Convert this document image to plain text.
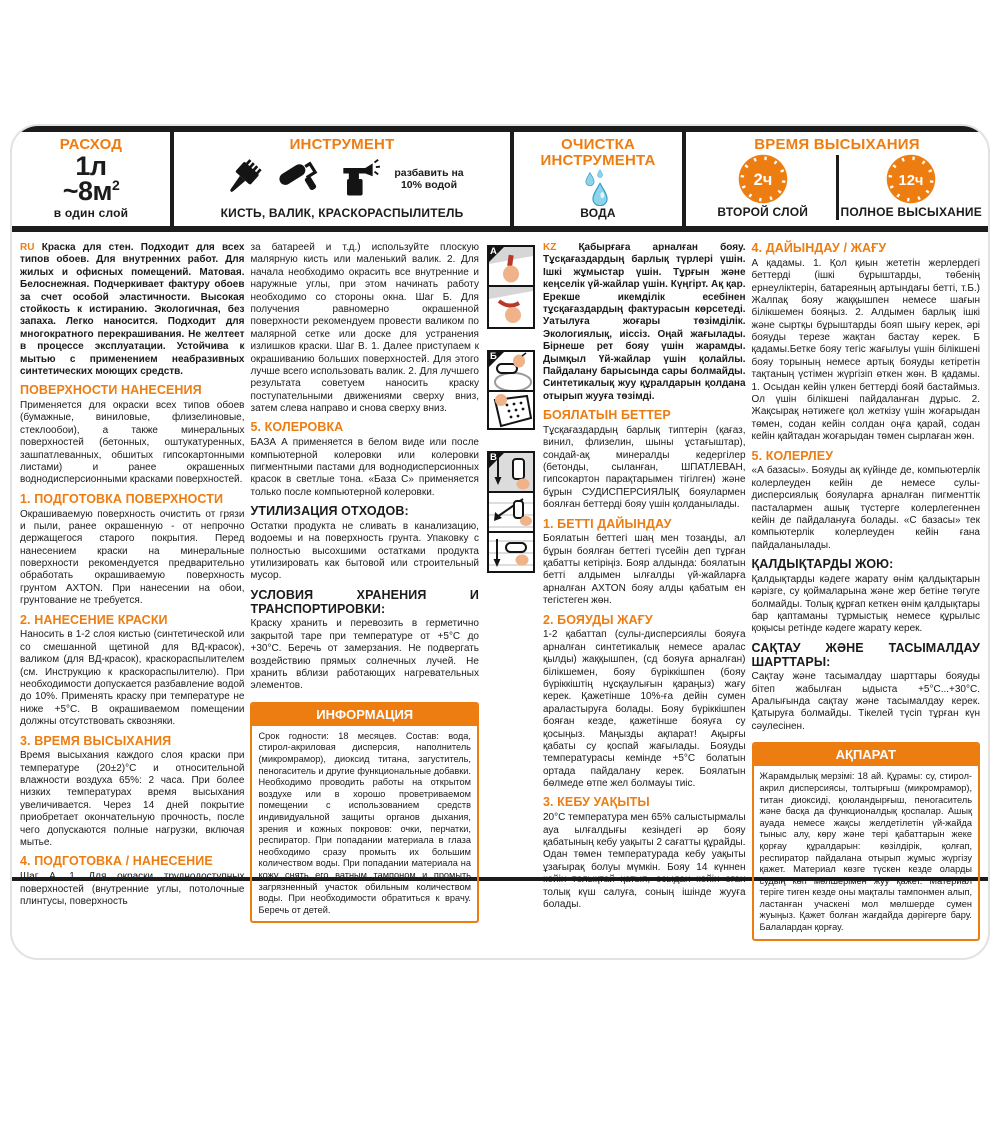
РАСХОД
1л
$\sim 8м^2$
в один слой
ИНСТРУМЕНТ
разбавить на
10% водой
КИСТЬ, ВАЛИК, КРАСКОРАСПЫЛИТЕЛЬ
ОЧИСТКА
ИНСТРУМЕНТА
ВОДА
ВРЕМЯ ВЫСЫХАНИЯ
2ч
ВТОРОЙ СЛОЙ
12ч
ПОЛНОЕ ВЫСЫХАНИЕ

RU Краска для стен. Подходит для всех типов обоев. Для внутренних работ. Для жилых и офисных помещений. Матовая. Белоснежная. Подчеркивает фактуру обоев за счет особой эластичности. Высокая стойкость к истиранию. Экологичная, без запаха. Легко наносится. Подходит для многократного перекрашивания. Не желтеет в процессе эксплуатации. Устойчива к мытью с применением неабразивных синтетических моющих средств.

ПОВЕРХНОСТИ НАНЕСЕНИЯ

Применяется для окраски всех типов обоев (бумажные, виниловые, флизелиновые, стеклообои), а также минеральных поверхностей (бетонных, оштукатуренных, зашпатлеванных, обшитых гипсокартонными листами) и ранее окрашенных воднодисперсионными красками поверхностей.

1. ПОДГОТОВКА ПОВЕРХНОСТИ

Окрашиваемую поверхность очистить от грязи и пыли, ранее окрашенную - от непрочно держащегося старого покрытия. Перед нанесением краски на минеральные поверхности рекомендуется предварительно обработать окрашиваемую поверхность грунтом AXTON. При нанесении на обои, грунтование не требуется.

2. НАНЕСЕНИЕ КРАСКИ

Наносить в 1-2 слоя кистью (синтетической или со смешанной щетиной для ВД-красок), валиком (для ВД-красок), краскораспылителем (см. Инструкцию к краскораспылителю). При необходимости допускается разбавление водой до 10%. Применять краску при температуре не ниже +5°С. В окрашиваемом помещении должны отсутствовать сквозняки.

3. ВРЕМЯ ВЫСЫХАНИЯ

Время высыхания каждого слоя краски при температуре (20±2)°С и относительной влажности воздуха 65%: 2 часа. При более низких температурах время высыхания увеличивается. Через 14 дней покрытие приобретает окончательную прочность, после чего допускаются полные нагрузки, включая мытье.

4. ПОДГОТОВКА / НАНЕСЕНИЕ

Шаг А. 1. Для окраски труднодоступных поверхностей (внутренние углы, потолочные плинтусы, поверхность

за батареей и т.д.) используйте плоскую малярную кисть или маленький валик. 2. Для начала необходимо окрасить все внутренние и наружные углы, при этом начинать работу необходимо со стороны окна. Шаг Б. Для получения равномерно окрашенной поверхности рекомендуем провести валиком по малярной сетке или доске для устранения излишков краски. Шаг В. 1. Далее приступаем к окрашиванию больших поверхностей. Для этого лучше всего использовать валик. 2. Для лучшего результата советуем наносить краску поступательными движениями сверху вниз, затем слева направо и снова сверху вниз.

5. КОЛЕРОВКА

БАЗА А применяется в белом виде или после компьютерной колеровки или колеровки пигментными пастами для воднодисперсионных красок в светлые тона. «База С» применяется только после компьютерной колеровки.

УТИЛИЗАЦИЯ ОТХОДОВ:

Остатки продукта не сливать в канализацию, водоемы и на поверхность грунта. Упаковку с полностью высохшими остатками продукта утилизировать как бытовой или строительный мусор.

УСЛОВИЯ ХРАНЕНИЯ И ТРАНСПОРТИРОВКИ:

Краску хранить и перевозить в герметично закрытой таре при температуре от +5°С до +30°С. Беречь от замерзания. Не подвергать воздействию прямых солнечных лучей. Не хранить вблизи работающих нагревательных элементов.

ИНФОРМАЦИЯ
Срок годности: 18 месяцев. Состав: вода, стирол-акриловая дисперсия, наполнитель (микромрамор), диоксид титана, загуститель, пеногаситель и другие функциональные добавки. Необходимо проводить работы на открытом воздухе или в хорошо проветриваемом помещении с использованием средств индивидуальной защиты органов дыхания, зрения и кожных покровов: очки, перчатки, респиратор. При попадании материала в глаза необходимо сразу промыть их большим количеством воды. При попадании материала на кожу снять его ватным тампоном и промыть загрязненный участок обильным количеством воды. При необходимости обратиться к врачу. Беречь от детей.
А
Б
В

KZ Қабырғаға арналған бояу. Тұсқағаздардың барлық түрлері үшін. Ішкі жұмыстар үшін. Тұрғын және кеңселік үй-жайлар үшін. Күңгірт. Ақ қар. Ерекше икемділік есебінен тұсқағаздардың фактурасын көрсетеді. Уатылуға жоғары төзімділік. Экологиялық, иіссіз. Оңай жағылады. Бірнеше рет бояу үшін жарамды. Дымқыл Үй-жайлар үшін қолайлы. Пайдалану барысында сары болмайды. Синтетикалық жуу құралдарын қолдана отырып жууға төзімді.

БОЯЛАТЫН БЕТТЕР

Тұсқағаздардың барлық типтерін (қағаз, винил, флизелин, шыны ұстағыштар), сондай-ақ минералды кедергілер (бетонды, сыланған, ШПАТЛЕВАН, гипсокартон парақтарымен тігілген) және бұрын СУДИСПЕРСИЯЛЫҚ бояулармен боялған беттерді бояу үшін қолданылады.

1. БЕТТІ ДАЙЫНДАУ

Боялатын беттегі шаң мен тозаңды, ал бұрын боялған беттегі түсейін деп тұрған қабатты кетіріңіз. Бояр алдында: боялатын бетті алдымен ылғалды үй-жайларға арналған AXTON бояу алды қабатым ен тегістеген жөн.

2. БОЯУДЫ ЖАҒУ

1-2 қабаттап (сулы-дисперсиялы бояуға арналған синтетикалық немесе аралас қылды) жаққышпен, (сд бояуға арналған) білікшемен, бояу бүріккішпен (бояу бүріккіштің нұсқаулығын қараңыз) жағу керек. Қажетінше 10%-ға дейін сумен араластыруға болады. Бояу бүріккішпен бояған кезде, қажетінше бояуға су қосыңыз. Маңызды ақпарат! Ақырғы қабаты су қоспай жағылады. Бояуды температурасы кемінде +5°С болатын ортада пайдалану керек. Боялатын бөлмеде өтпе жел болмауы тиіс.

3. КЕБУ УАҚЫТЫ

20°С температура мен 65% салыстырмалы ауа ылғалдығы кезіндегі әр бояу қабатының кебу уақыты 2 сағатты құрайды. Одан төмен температурада кебу уақыты ұзағырақ болуы мүмкін. Бояу 14 күннен кейін толықтай қатып, осыдан кейін оған толық күш салуға, соның ішінде жууға болады.

4. ДАЙЫНДАУ / ЖАҒУ

А қадамы. 1. Қол қиын жететін жерлердегі беттерді (ішкі бұрыштарды, төбенің ернеуліктерін, батареяның артындағы бетті, т.Б.) Жалпақ бояу жаққышпен немесе шағын білікшемен бояңыз. 2. Алдымен барлық ішкі және сыртқы бұрыштарды бояп шығу керек, әрі бояуды терезе жақтан бастау керек. Б қадамы.Бетке бояу тегіс жағылуы үшін білікшені бояу торының немесе артық бояуды кетіретін тақтаның үстімен жүргізіп өткен жөн. В қадамы. 1. Осыдан кейін үлкен беттерді бояй бастаймыз. Ол үшін білікшені пайдаланған дұрыс. 2. Жақсырақ нәтижеге қол жеткізу үшін жоғарыдан төмен, содан кейін солдан оңға қарай, содан кейін қайтадан жоғарыдан төмен сырлаған жөн.

5. КОЛЕРЛЕУ

«А базасы». Бояуды ақ күйінде де, компьютерлік колерлеуден кейін де немесе сулы-дисперсиялық бояуларға арналған пигменттік пасталармен ашық түстерге колерлегеннен кейін де пайдалануға болады. «С базасы» тек компьютерлік колерлеуден кейін ғана пайдаланылады.

ҚАЛДЫҚТАРДЫ ЖОЮ:

Қалдықтарды кәдеге жарату өнім қалдықтарын кәрізге, су қоймаларына және жер бетіне төгуге болмайды. Толық құрғап кеткен өнім қалдықтары бар қаптаманы тұрмыстық немесе құрылыс қоқысы ретінде кәдеге жарату керек.

САҚТАУ ЖӘНЕ ТАСЫМАЛДАУ ШАРТТАРЫ:

Сақтау және тасымалдау шарттары бояуды бітеп жабылған ыдыста +5°С...+30°С. Аралығында сақтау және тасымалдау керек. Қатыруға болмайды. Тікелей түсіп тұрған күн сәулесінен.

АҚПАРАТ
Жарамдылық мерзімі: 18 ай. Құрамы: су, стирол-акрил дисперсиясы, толтырғыш (микромрамор), титан диоксиді, қоюландырғыш, пеногаситель және басқа да функционалдық қоспалар. Ашық ауада немесе жақсы желдетілетін үй-жайда тыныс алу, көру және тері қабаттарын жеке қорғау құралдарын: көзілдірік, қолғап, респиратор пайдалана отырып жұмыс жүргізу қажет. Материал көзге түскен кезде оларды судың көп мөлшерімен жуу қажет. Материал теріге тиген кезде оны мақталы тампонмен алып, ластанған учаскені мол мөлшерде сумен жуыңыз. Қажет болған жағдайда дәрігерге бару. Балалардан қорғау.
